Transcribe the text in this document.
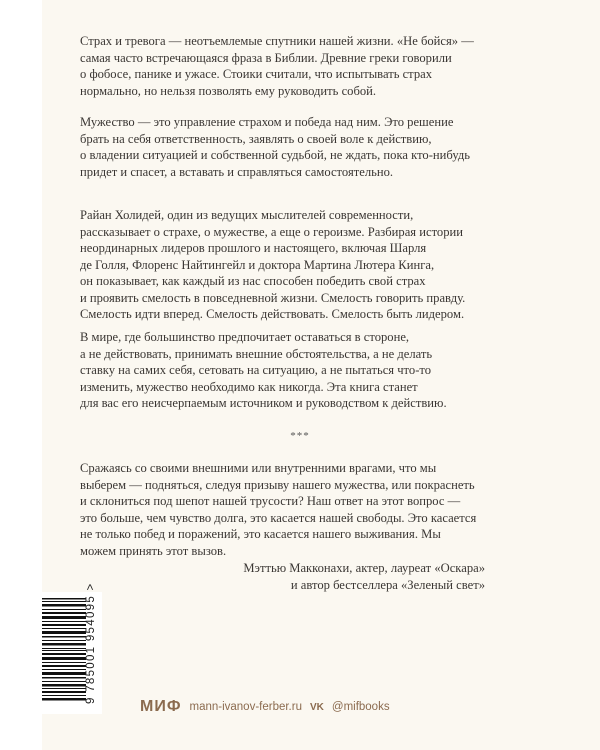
Страх и тревога — неотъемлемые спутники нашей жизни. «Не бойся» —
самая часто встречающаяся фраза в Библии. Древние греки говорили
о фобосе, панике и ужасе. Стоики считали, что испытывать страх
нормально, но нельзя позволять ему руководить собой.
Мужество — это управление страхом и победа над ним. Это решение
брать на себя ответственность, заявлять о своей воле к действию,
о владении ситуацией и собственной судьбой, не ждать, пока кто-нибудь
придет и спасет, а вставать и справляться самостоятельно.
Райан Холидей, один из ведущих мыслителей современности,
рассказывает о страхе, о мужестве, а еще о героизме. Разбирая истории
неординарных лидеров прошлого и настоящего, включая Шарля
де Голля, Флоренс Найтингейл и доктора Мартина Лютера Кинга,
он показывает, как каждый из нас способен победить свой страх
и проявить смелость в повседневной жизни. Смелость говорить правду.
Смелость идти вперед. Смелость действовать. Смелость быть лидером.
В мире, где большинство предпочитает оставаться в стороне,
а не действовать, принимать внешние обстоятельства, а не делать
ставку на самих себя, сетовать на ситуацию, а не пытаться что-то
изменить, мужество необходимо как никогда. Эта книга станет
для вас его неисчерпаемым источником и руководством к действию.
***
Сражаясь со своими внешними или внутренними врагами, что мы
выберем — подняться, следуя призыву нашего мужества, или покраснеть
и склониться под шепот нашей трусости? Наш ответ на этот вопрос —
это больше, чем чувство долга, это касается нашей свободы. Это касается
не только побед и поражений, это касается нашего выживания. Мы
можем принять этот вызов.
Мэттью Макконахи, актер, лауреат «Оскара»
и автор бестселлера «Зеленый свет»
9 785001 954095 >
МИФ mann-ivanov-ferber.ru VK @mifbooks
